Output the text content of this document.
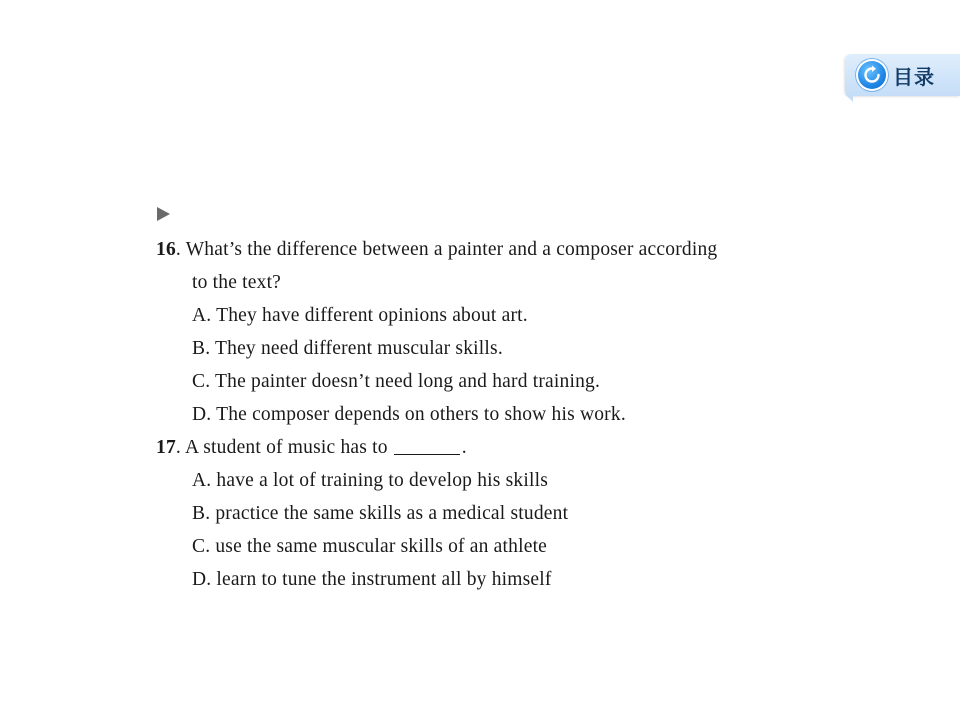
目录
16. What’s the difference between a painter and a composer according
to the text?
A. They have different opinions about art.
B. They need different muscular skills.
C. The painter doesn’t need long and hard training.
D. The composer depends on others to show his work.
17. A student of music has to	.
A. have a lot of training to develop his skills
B. practice the same skills as a medical student
C. use the same muscular skills of an athlete
D. learn to tune the instrument all by himself
